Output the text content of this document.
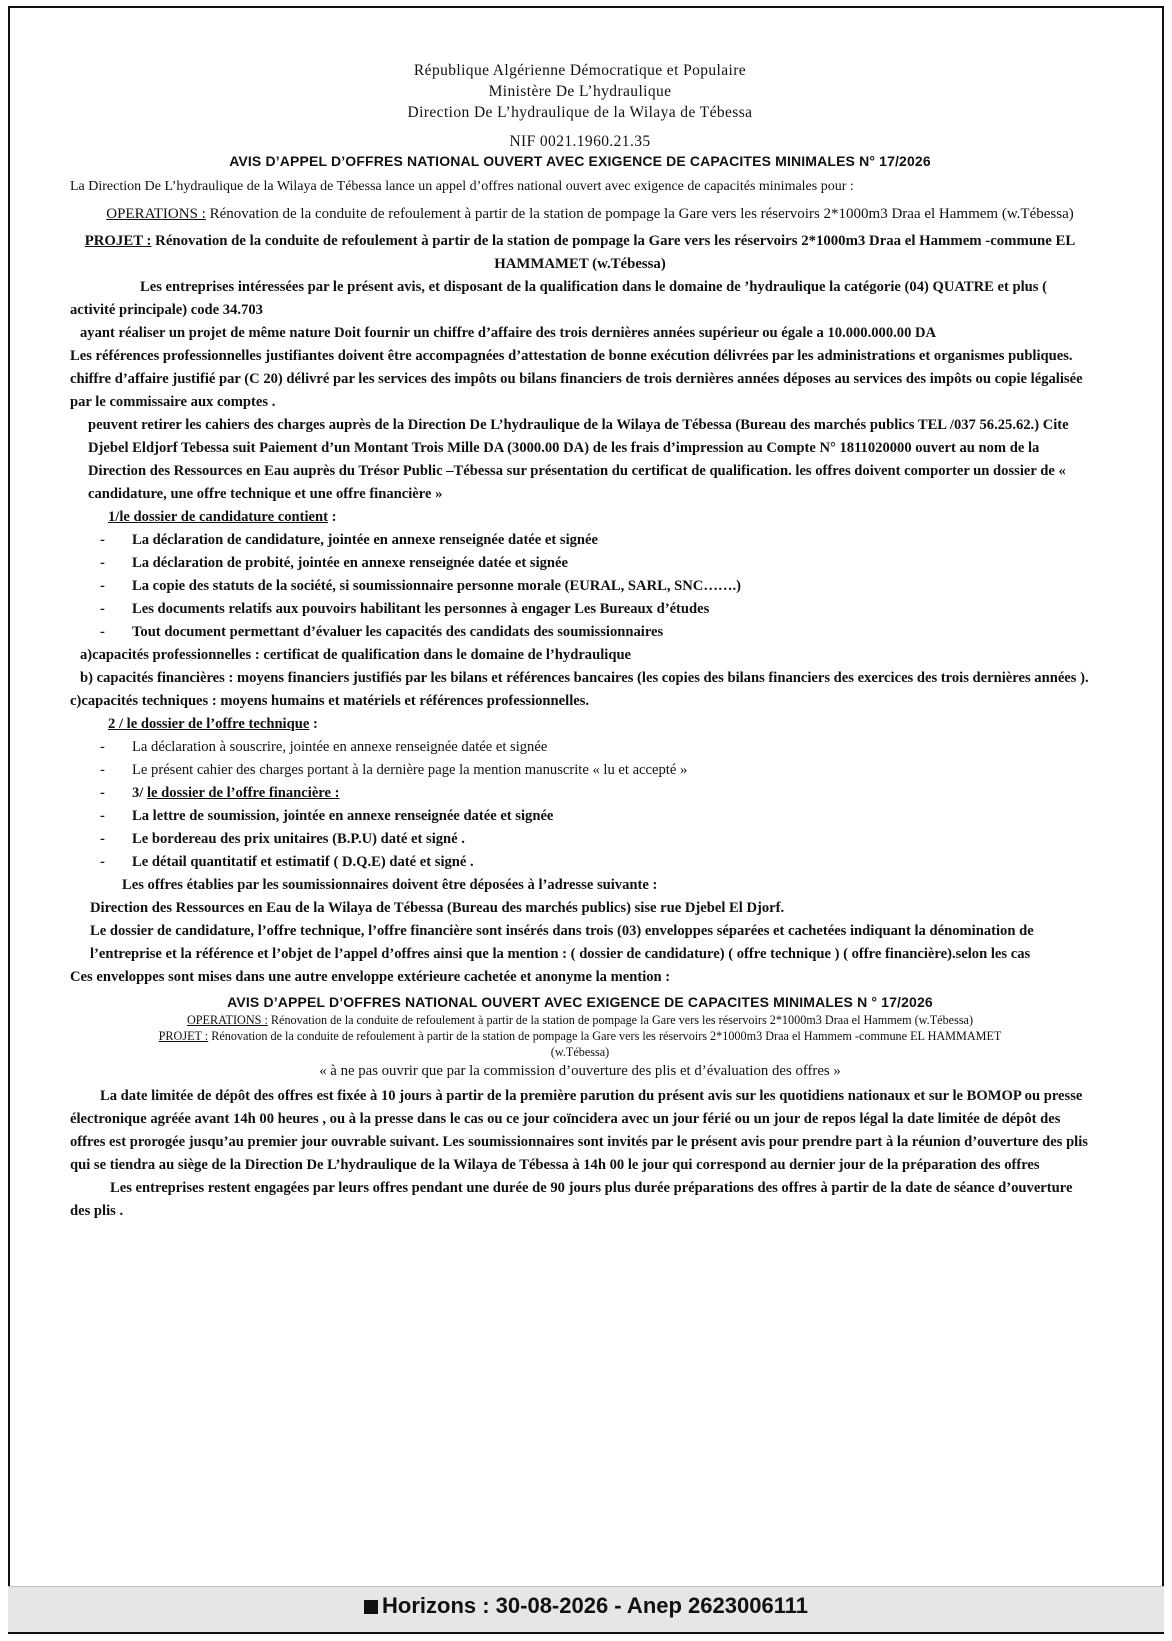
République Algérienne Démocratique et Populaire
Ministère De L’hydraulique
Direction De L’hydraulique de la Wilaya de Tébessa
NIF 0021.1960.21.35
AVIS D’APPEL D’OFFRES NATIONAL OUVERT AVEC EXIGENCE DE CAPACITES MINIMALES N° 17/2026
La Direction De L’hydraulique de la Wilaya de Tébessa lance un appel d’offres national ouvert avec exigence de capacités minimales pour :
OPERATIONS : Rénovation de la conduite de refoulement à partir de la station de pompage la Gare vers les réservoirs 2*1000m3 Draa el Hammem (w.Tébessa)
PROJET : Rénovation de la conduite de refoulement à partir de la station de pompage la Gare vers les réservoirs 2*1000m3 Draa el Hammem -commune EL HAMMAMET (w.Tébessa)
Les entreprises intéressées par le présent avis, et disposant de la qualification dans le domaine de ’hydraulique la catégorie (04) QUATRE et plus ( activité principale) code 34.703
ayant réaliser un projet de même nature Doit fournir un chiffre d’affaire des trois dernières années supérieur ou égale a 10.000.000.00 DA
Les références professionnelles justifiantes doivent être accompagnées d’attestation de bonne exécution délivrées par les administrations et organismes publiques.
chiffre d’affaire justifié par (C 20) délivré par les services des impôts ou bilans financiers de trois dernières années déposes au services des impôts ou copie légalisée par le commissaire aux comptes .
peuvent retirer les cahiers des charges auprès de la Direction De L’hydraulique de la Wilaya de Tébessa (Bureau des marchés publics TEL /037 56.25.62.) Cite Djebel Eldjorf Tebessa suit Paiement d’un Montant Trois Mille DA (3000.00 DA) de les frais d’impression au Compte N° 1811020000 ouvert au nom de la Direction des Ressources en Eau auprès du Trésor Public –Tébessa sur présentation du certificat de qualification. les offres doivent comporter un dossier de « candidature, une offre technique et une offre financière »
1/le dossier de candidature contient :
- La déclaration de candidature, jointée en annexe renseignée datée et signée
- La déclaration de probité, jointée en annexe renseignée datée et signée
- La copie des statuts de la société, si soumissionnaire personne morale (EURAL, SARL, SNC…….)
- Les documents relatifs aux pouvoirs habilitant les personnes à engager Les Bureaux d’études
- Tout document permettant d’évaluer les capacités des candidats des soumissionnaires
a)capacités professionnelles : certificat de qualification dans le domaine de l’hydraulique
b) capacités financières : moyens financiers justifiés par les bilans et références bancaires (les copies des bilans financiers des exercices des trois dernières années ).
c)capacités techniques : moyens humains et matériels et références professionnelles.
2 / le dossier de l’offre technique :
- La déclaration à souscrire, jointée en annexe renseignée datée et signée
- Le présent cahier des charges portant à la dernière page la mention manuscrite « lu et accepté »
- 3/ le dossier de l’offre financière :
- La lettre de soumission, jointée en annexe renseignée datée et signée
- Le bordereau des prix unitaires (B.P.U) daté et signé .
- Le détail quantitatif et estimatif ( D.Q.E) daté et signé .
Les offres établies par les soumissionnaires doivent être déposées à l’adresse suivante :
Direction des Ressources en Eau de la Wilaya de Tébessa (Bureau des marchés publics) sise rue Djebel El Djorf.
Le dossier de candidature, l’offre technique, l’offre financière sont insérés dans trois (03) enveloppes séparées et cachetées indiquant la dénomination de l’entreprise et la référence et l’objet de l’appel d’offres ainsi que la mention : ( dossier de candidature) ( offre technique ) ( offre financière).selon les cas
Ces enveloppes sont mises dans une autre enveloppe extérieure cachetée et anonyme la mention :
AVIS D’APPEL D’OFFRES NATIONAL OUVERT AVEC EXIGENCE DE CAPACITES MINIMALES N ° 17/2026
OPERATIONS : Rénovation de la conduite de refoulement à partir de la station de pompage la Gare vers les réservoirs 2*1000m3 Draa el Hammem (w.Tébessa)
PROJET : Rénovation de la conduite de refoulement à partir de la station de pompage la Gare vers les réservoirs 2*1000m3 Draa el Hammem -commune EL HAMMAMET (w.Tébessa)
« à ne pas ouvrir que par la commission d’ouverture des plis et d’évaluation des offres »
La date limitée de dépôt des offres est fixée à 10 jours à partir de la première parution du présent avis sur les quotidiens nationaux et sur le BOMOP ou presse électronique agréée avant 14h 00 heures , ou à la presse dans le cas ou ce jour coïncidera avec un jour férié ou un jour de repos légal la date limitée de dépôt des offres est prorogée jusqu’au premier jour ouvrable suivant. Les soumissionnaires sont invités par le présent avis pour prendre part à la réunion d’ouverture des plis qui se tiendra au siège de la Direction De L’hydraulique de la Wilaya de Tébessa à 14h 00 le jour qui correspond au dernier jour de la préparation des offres
Les entreprises restent engagées par leurs offres pendant une durée de 90 jours plus durée préparations des offres à partir de la date de séance d’ouverture des plis .
Horizons : 30-08-2026 - Anep 2623006111
